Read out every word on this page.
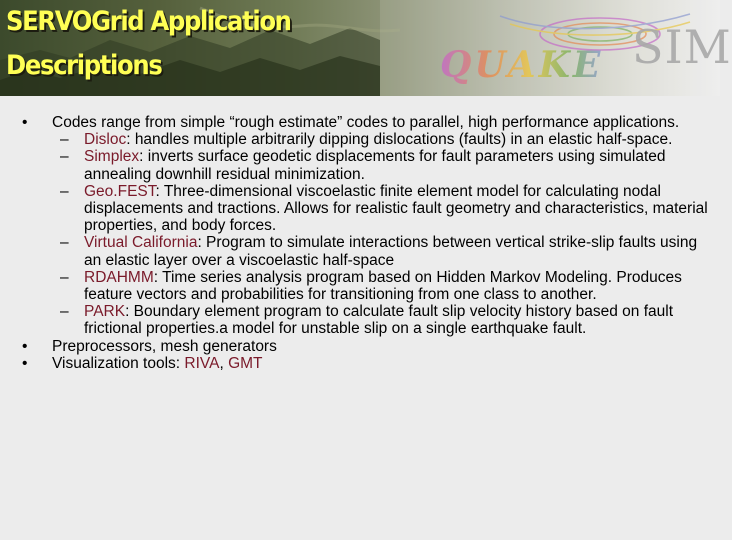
SERVOGrid Application
Descriptions	QUAKE SIM
• Codes range from simple “rough estimate” codes to parallel, high performance applications.
– Disloc: handles multiple arbitrarily dipping dislocations (faults) in an elastic half-space.
– Simplex: inverts surface geodetic displacements for fault parameters using simulated annealing downhill residual minimization.
– Geo.FEST: Three-dimensional viscoelastic finite element model for calculating nodal displacements and tractions. Allows for realistic fault geometry and characteristics, material properties, and body forces.
– Virtual California: Program to simulate interactions between vertical strike-slip faults using an elastic layer over a viscoelastic half-space
– RDAHMM: Time series analysis program based on Hidden Markov Modeling. Produces feature vectors and probabilities for transitioning from one class to another.
– PARK: Boundary element program to calculate fault slip velocity history based on fault frictional properties.a model for unstable slip on a single earthquake fault.
• Preprocessors, mesh generators
• Visualization tools: RIVA, GMT
